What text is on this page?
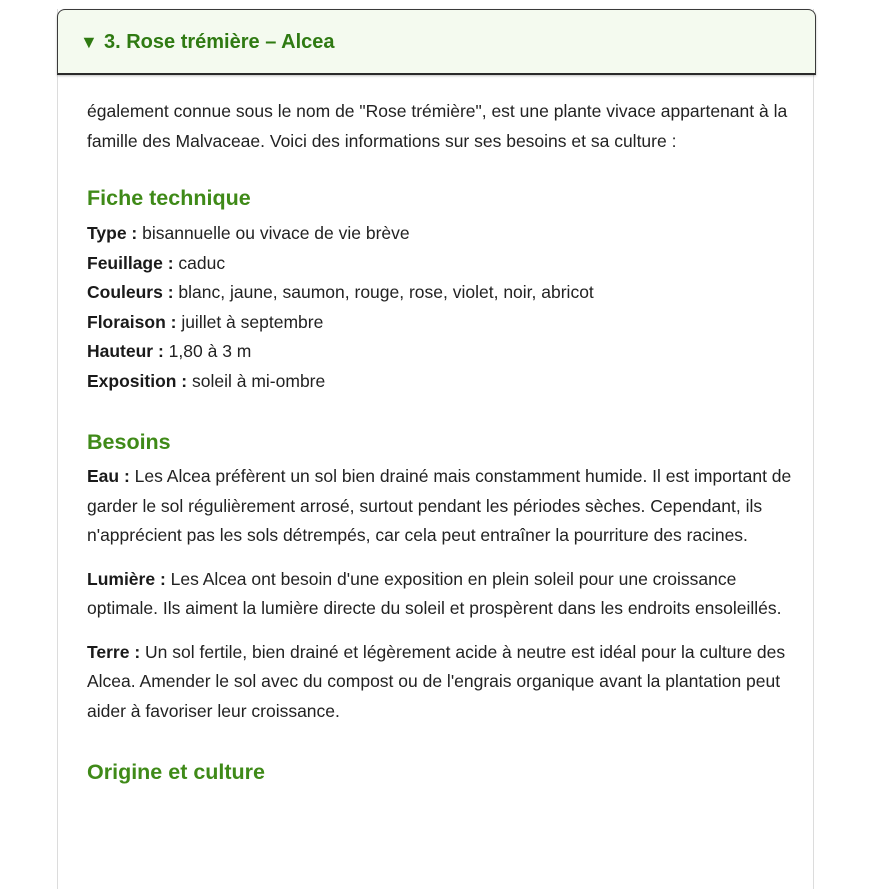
▼ 3. Rose trémière – Alcea

également connue sous le nom de "Rose trémière", est une plante vivace appartenant à la famille des Malvaceae. Voici des informations sur ses besoins et sa culture :

Fiche technique

Type : bisannuelle ou vivace de vie brève

Feuillage : caduc

Couleurs : blanc, jaune, saumon, rouge, rose, violet, noir, abricot

Floraison : juillet à septembre

Hauteur : 1,80 à 3 m

Exposition : soleil à mi-ombre

Besoins

Eau : Les Alcea préfèrent un sol bien drainé mais constamment humide. Il est important de garder le sol régulièrement arrosé, surtout pendant les périodes sèches. Cependant, ils n'apprécient pas les sols détrempés, car cela peut entraîner la pourriture des racines.

Lumière : Les Alcea ont besoin d'une exposition en plein soleil pour une croissance optimale. Ils aiment la lumière directe du soleil et prospèrent dans les endroits ensoleillés.

Terre : Un sol fertile, bien drainé et légèrement acide à neutre est idéal pour la culture des Alcea. Amender le sol avec du compost ou de l'engrais organique avant la plantation peut aider à favoriser leur croissance.

Origine et culture
